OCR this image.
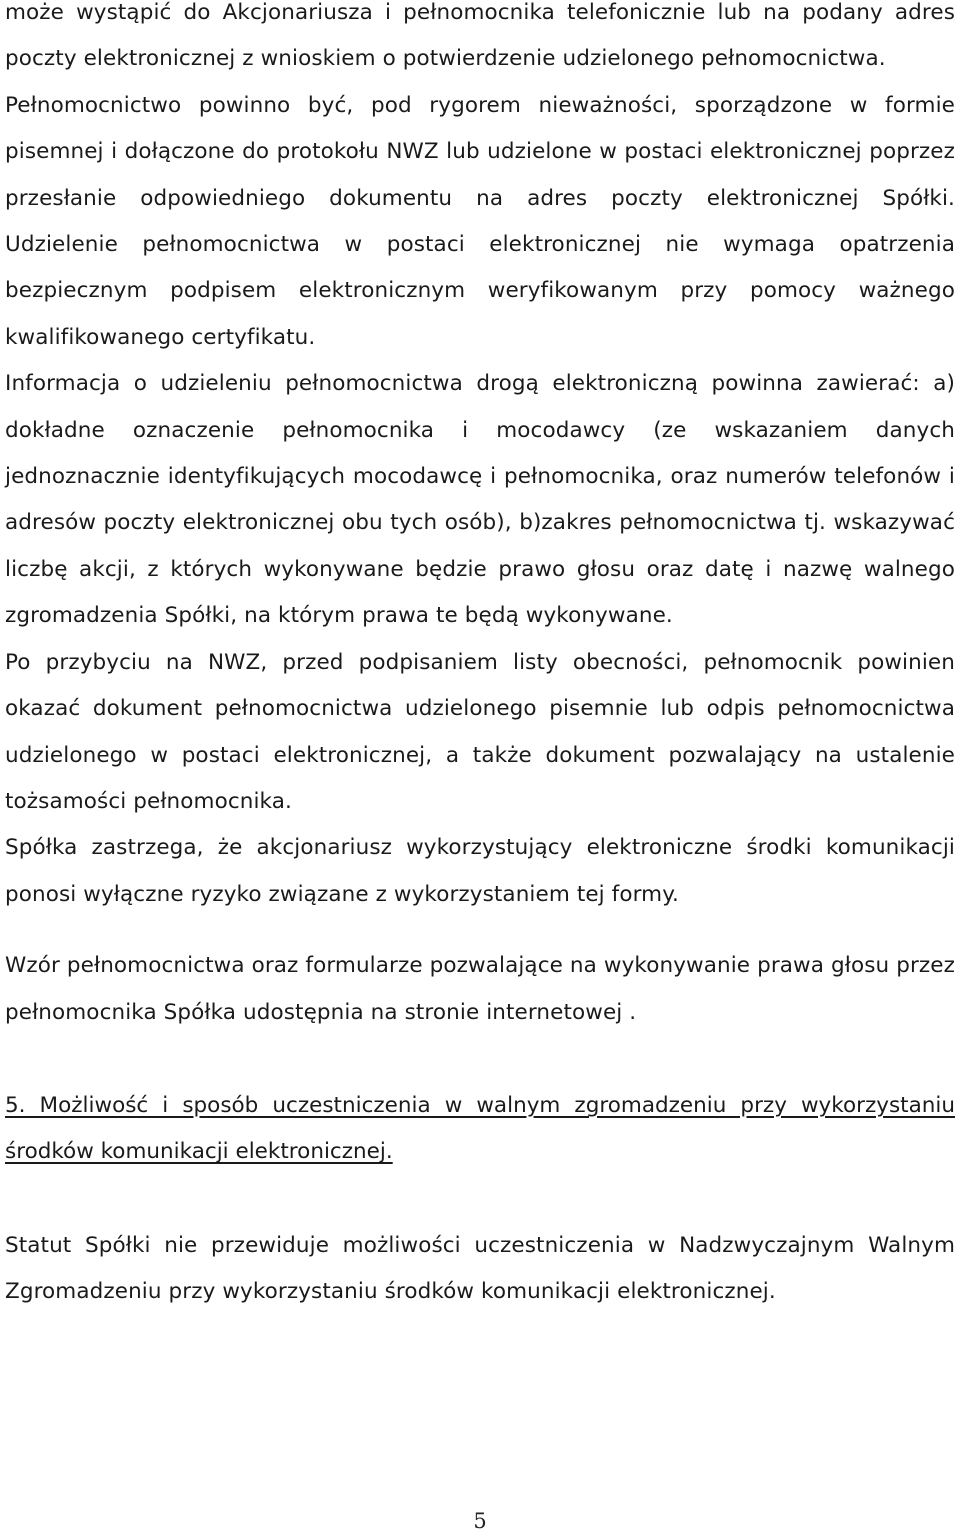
może wystąpić do Akcjonariusza i pełnomocnika telefonicznie lub na podany adres poczty elektronicznej z wnioskiem o potwierdzenie udzielonego pełnomocnictwa.

Pełnomocnictwo powinno być, pod rygorem nieważności, sporządzone w formie pisemnej i dołączone do protokołu NWZ lub udzielone w postaci elektronicznej poprzez przesłanie odpowiedniego dokumentu na adres poczty elektronicznej Spółki. Udzielenie pełnomocnictwa w postaci elektronicznej nie wymaga opatrzenia bezpiecznym podpisem elektronicznym weryfikowanym przy pomocy ważnego kwalifikowanego certyfikatu.

Informacja o udzieleniu pełnomocnictwa drogą elektroniczną powinna zawierać: a) dokładne oznaczenie pełnomocnika i mocodawcy (ze wskazaniem danych jednoznacznie identyfikujących mocodawcę i pełnomocnika, oraz numerów telefonów i adresów poczty elektronicznej obu tych osób), b)zakres pełnomocnictwa tj. wskazywać liczbę akcji, z których wykonywane będzie prawo głosu oraz datę i nazwę walnego zgromadzenia Spółki, na którym prawa te będą wykonywane.

Po przybyciu na NWZ, przed podpisaniem listy obecności, pełnomocnik powinien okazać dokument pełnomocnictwa udzielonego pisemnie lub odpis pełnomocnictwa udzielonego w postaci elektronicznej, a także dokument pozwalający na ustalenie tożsamości pełnomocnika.

Spółka zastrzega, że akcjonariusz wykorzystujący elektroniczne środki komunikacji ponosi wyłączne ryzyko związane z wykorzystaniem tej formy.

Wzór pełnomocnictwa oraz formularze pozwalające na wykonywanie prawa głosu przez pełnomocnika Spółka udostępnia na stronie internetowej .

5. Możliwość i sposób uczestniczenia w walnym zgromadzeniu przy wykorzystaniu środków komunikacji elektronicznej.

Statut Spółki nie przewiduje możliwości uczestniczenia w Nadzwyczajnym Walnym Zgromadzeniu przy wykorzystaniu środków komunikacji elektronicznej.

5
